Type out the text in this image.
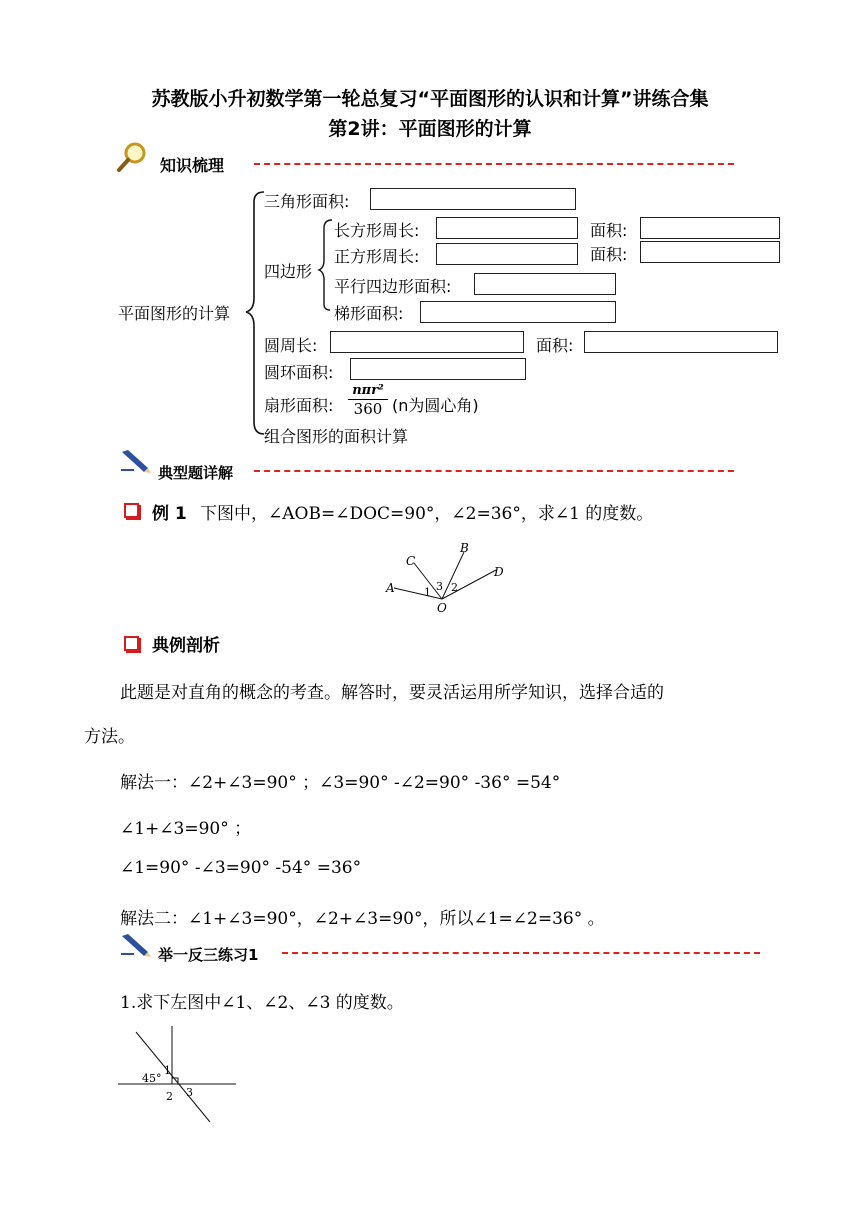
苏教版小升初数学第一轮总复习“平面图形的认识和计算”讲练合集
第2讲：平面图形的计算
知识梳理
平面图形的计算
三角形面积:
四边形
长方形周长:	面积:
正方形周长:	面积:
平行四边形面积:
梯形面积:
圆周长:	面积:
圆环面积:
扇形面积:
nπr²
360 (n为圆心角)
组合图形的面积计算
典型题详解
例 1 下图中，∠AOB=∠DOC=90°，∠2=36°，求∠1 的度数。
A
C
B
D
O
1 3 2
典例剖析
此题是对直角的概念的考查。解答时，要灵活运用所学知识，选择合适的
方法。
解法一：∠2+∠3=90° ；∠3=90° -∠2=90° -36° =54°
∠1+∠3=90° ；
∠1=90° -∠3=90° -54° =36°
解法二：∠1+∠3=90°，∠2+∠3=90°，所以∠1=∠2=36° 。
举一反三练习1
1.求下左图中∠1、∠2、∠3 的度数。
45°
1
2 3
